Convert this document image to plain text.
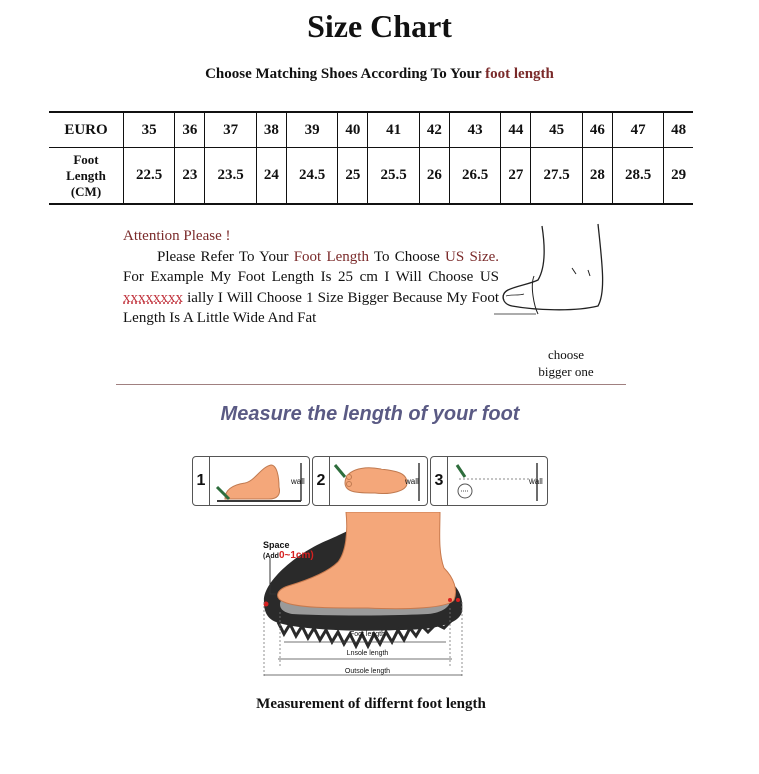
Size Chart
Choose Matching Shoes According To Your foot length
EURO	35	36	37	38	39	40	41	42	43	44	45	46	47	48

Foot
Length
(CM)	22.5	23	23.5	24	24.5	25	25.5	26	26.5	27	27.5	28	28.5	29
Attention Please !
Please Refer To Your Foot Length To Choose US Size. For Example My Foot Length Is 25 cm I Will Choose US xxxxxxxx ially I Will Choose 1 Size Bigger Because My Foot Length Is A Little Wide And Fat
choose
bigger one
Measure the length of your foot
1	wall 2	wall 3	wall
Space
(Add0~1cm)
Foot length
Lnsole length
Outsole length
Measurement of differnt foot length
